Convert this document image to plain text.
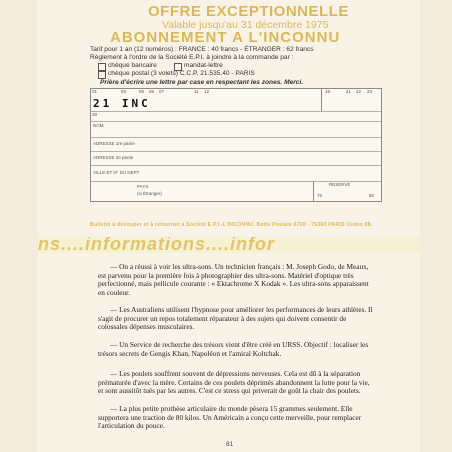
OFFRE EXCEPTIONNELLE
Valable jusqu'au 31 décembre 1975
ABONNEMENT A L'INCONNU
Tarif pour 1 an (12 numéros) : FRANCE : 40 francs - ÉTRANGER : 62 francs
Règlement à l'ordre de la Société E.P.I. à joindre à la commande par :
chèque bancaire	mandat-lettre
chèque postal (3 volets) C.C.P. 21.535.40 - PARIS
Prière d'écrire une lettre par case en respectant les zones. Merci.
01	03	05 06 07	11 12	19	21 22 23
21 INC
29
NOM
ADRESSE 1re partie
ADRESSE 2e partie
VILLE ET Nº DU DEPT
PAYS
(si Étranger)
RESERVE
76	80
Bulletin à découper et à retourner à Société E.P.I.-L'INCONNU. Boîte Postale 6708 - 75360 PARIS Cedex 08.
ns....informations....infor
— On a réussi à voir les ultra-sons. Un technicien français : M. Joseph Godo, de Meaux, est parvenu pour la première fois à photographier des ultra-sons. Matériel d'optique très perfectionné, mais pellicule courante : « Ektachrome X Kodak ». Les ultra-sons apparaissent en couleur.
— Les Australiens utilisent l'hypnose pour améliorer les performances de leurs athlètes. Il s'agit de procurer un repos totalement réparateur à des sujets qui doivent consentir de colossales dépenses musculaires.
— Un Service de recherche des trésors vient d'être créé en URSS. Objectif : localiser les trésors secrets de Gengis Khan, Napoléon et l'amiral Koltchak.
— Les poulets souffrent souvent de dépressions nerveuses. Cela est dû à la séparation prématurée d'avec la mère. Certains de ces poulets déprimés abandonnent la lutte pour la vie, et sont aussitôt tués par les autres. C'est ce stress qui priverait de goût la chair des poulets.
— La plus petite prothèse articulaire du monde pèsera 15 grammes seulement. Elle supportera une traction de 80 kilos. Un Américain a conçu cette merveille, pour remplacer l'articulation du pouce.
81
